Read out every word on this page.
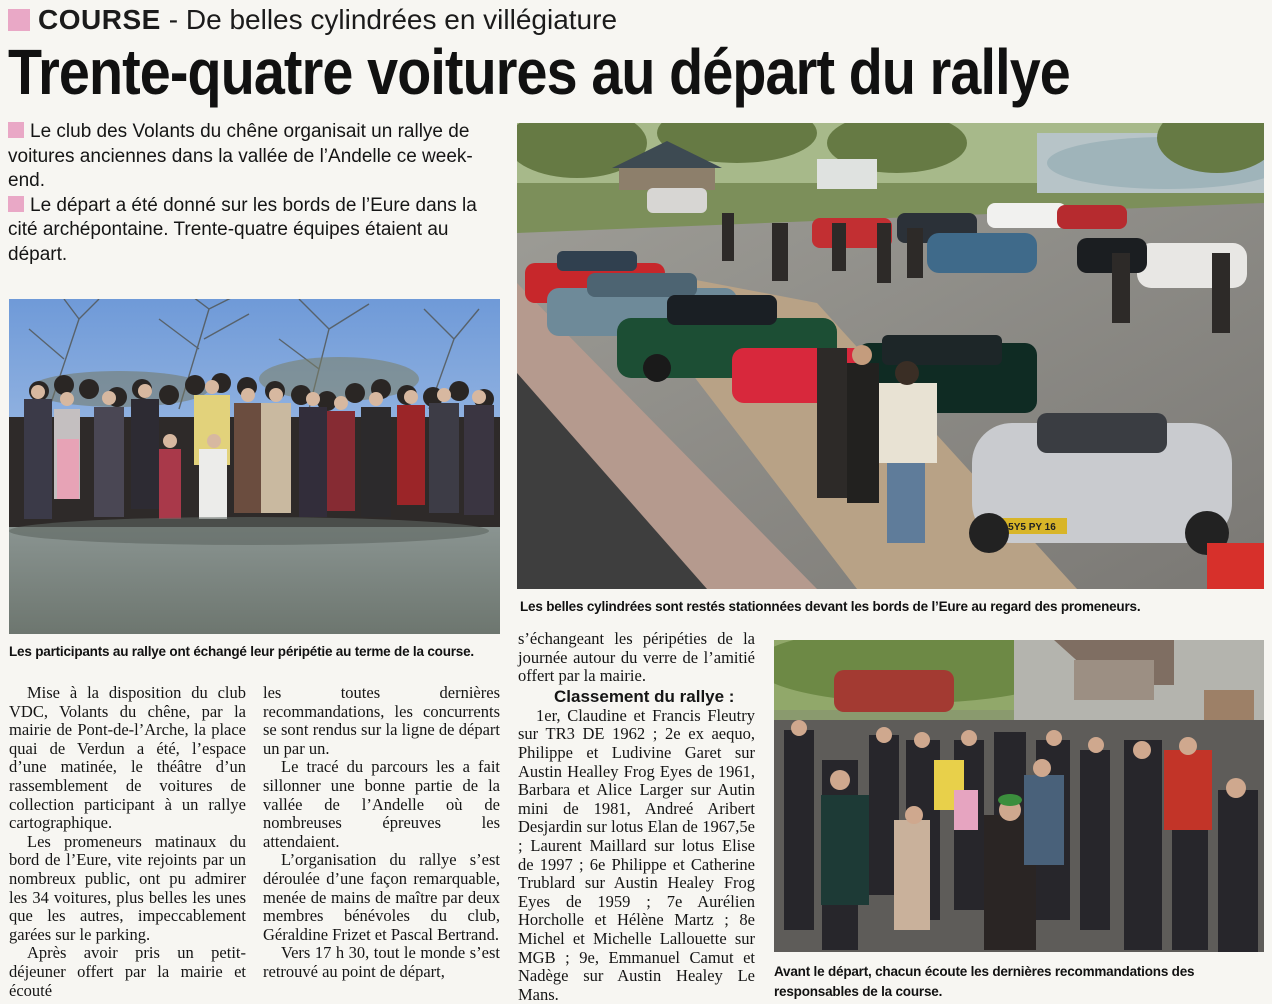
COURSE - De belles cylindrées en villégiature
Trente-quatre voitures au départ du rallye

Le club des Volants du chêne organisait un rallye de voitures anciennes dans la vallée de l’Andelle ce week-end.

Le départ a été donné sur les bords de l’Eure dans la cité archépontaine. Trente-quatre équipes étaient au départ.

Les participants au rallye ont échangé leur péripétie au terme de la course.
5Y5 PY 16
Les belles cylindrées sont restés stationnées devant les bords de l’Eure au regard des promeneurs.
Avant le départ, chacun écoute les dernières recommandations des responsables de la course.

Mise à la disposition du club VDC, Volants du chêne, par la mairie de Pont-de-l’Arche, la place quai de Verdun a été, l’espace d’une matinée, le théâtre d’un rassemblement de voitures de collection participant à un rallye cartographique.

Les promeneurs matinaux du bord de l’Eure, vite rejoints par un nombreux public, ont pu admirer les 34 voitures, plus belles les unes que les autres, impeccablement garées sur le parking.

Après avoir pris un petit-déjeuner offert par la mairie et écouté

les toutes dernières recommandations, les concurrents se sont rendus sur la ligne de départ un par un.

Le tracé du parcours les a fait sillonner une bonne partie de la vallée de l’Andelle où de nombreuses épreuves les attendaient.

L’organisation du rallye s’est déroulée d’une façon remarquable, menée de mains de maître par deux membres bénévoles du club, Géraldine Frizet et Pascal Bertrand.

Vers 17 h 30, tout le monde s’est retrouvé au point de départ,

s’échangeant les péripéties de la journée autour du verre de l’amitié offert par la mairie.

Classement du rallye :

1er, Claudine et Francis Fleutry sur TR3 DE 1962 ; 2e ex aequo, Philippe et Ludivine Garet sur Austin Healley Frog Eyes de 1961, Barbara et Alice Larger sur Autin mini de 1981, Andreé Aribert Desjardin sur lotus Elan de 1967,5e ; Laurent Maillard sur lotus Elise de 1997 ; 6e Philippe et Catherine Trublard sur Austin Healey Frog Eyes de 1959 ; 7e Aurélien Horcholle et Hélène Martz ; 8e Michel et Michelle Lallouette sur MGB ; 9e, Emmanuel Camut et Nadège sur Austin Healey Le Mans.
